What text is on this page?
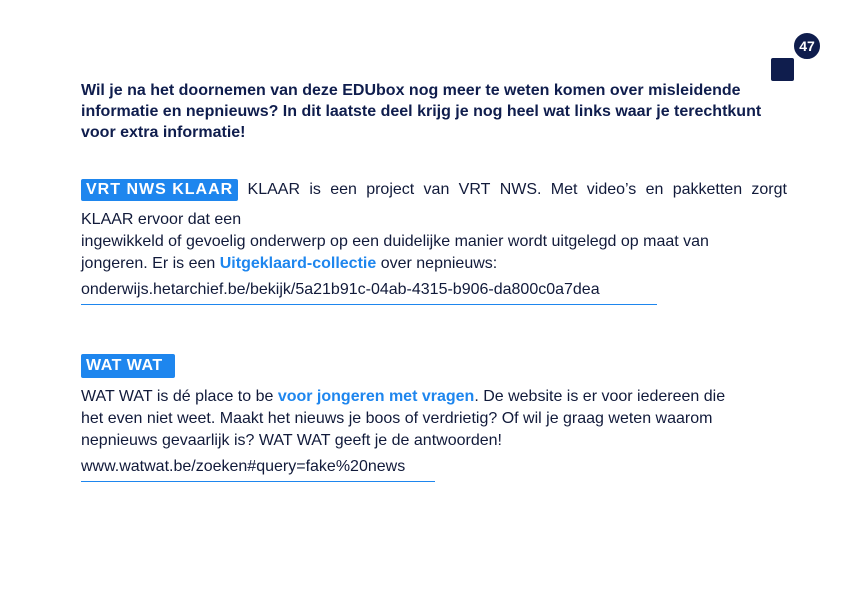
47
Wil je na het doornemen van deze EDUbox nog meer te weten komen over misleidende informatie en nepnieuws? In dit laatste deel krijg je nog heel wat links waar je terechtkunt voor extra informatie!
VRT NWS KLAAR KLAAR is een project van VRT NWS. Met video’s en pakketten zorgt
KLAAR ervoor dat een
ingewikkeld of gevoelig onderwerp op een duidelijke manier wordt uitgelegd op maat van
jongeren. Er is een Uitgeklaard-collectie over nepnieuws:
onderwijs.hetarchief.be/bekijk/5a21b91c-04ab-4315-b906-da800c0a7dea
WAT WAT
WAT WAT is dé place to be voor jongeren met vragen. De website is er voor iedereen die
het even niet weet. Maakt het nieuws je boos of verdrietig? Of wil je graag weten waarom
nepnieuws gevaarlijk is? WAT WAT geeft je de antwoorden!
www.watwat.be/zoeken#query=fake%20news
